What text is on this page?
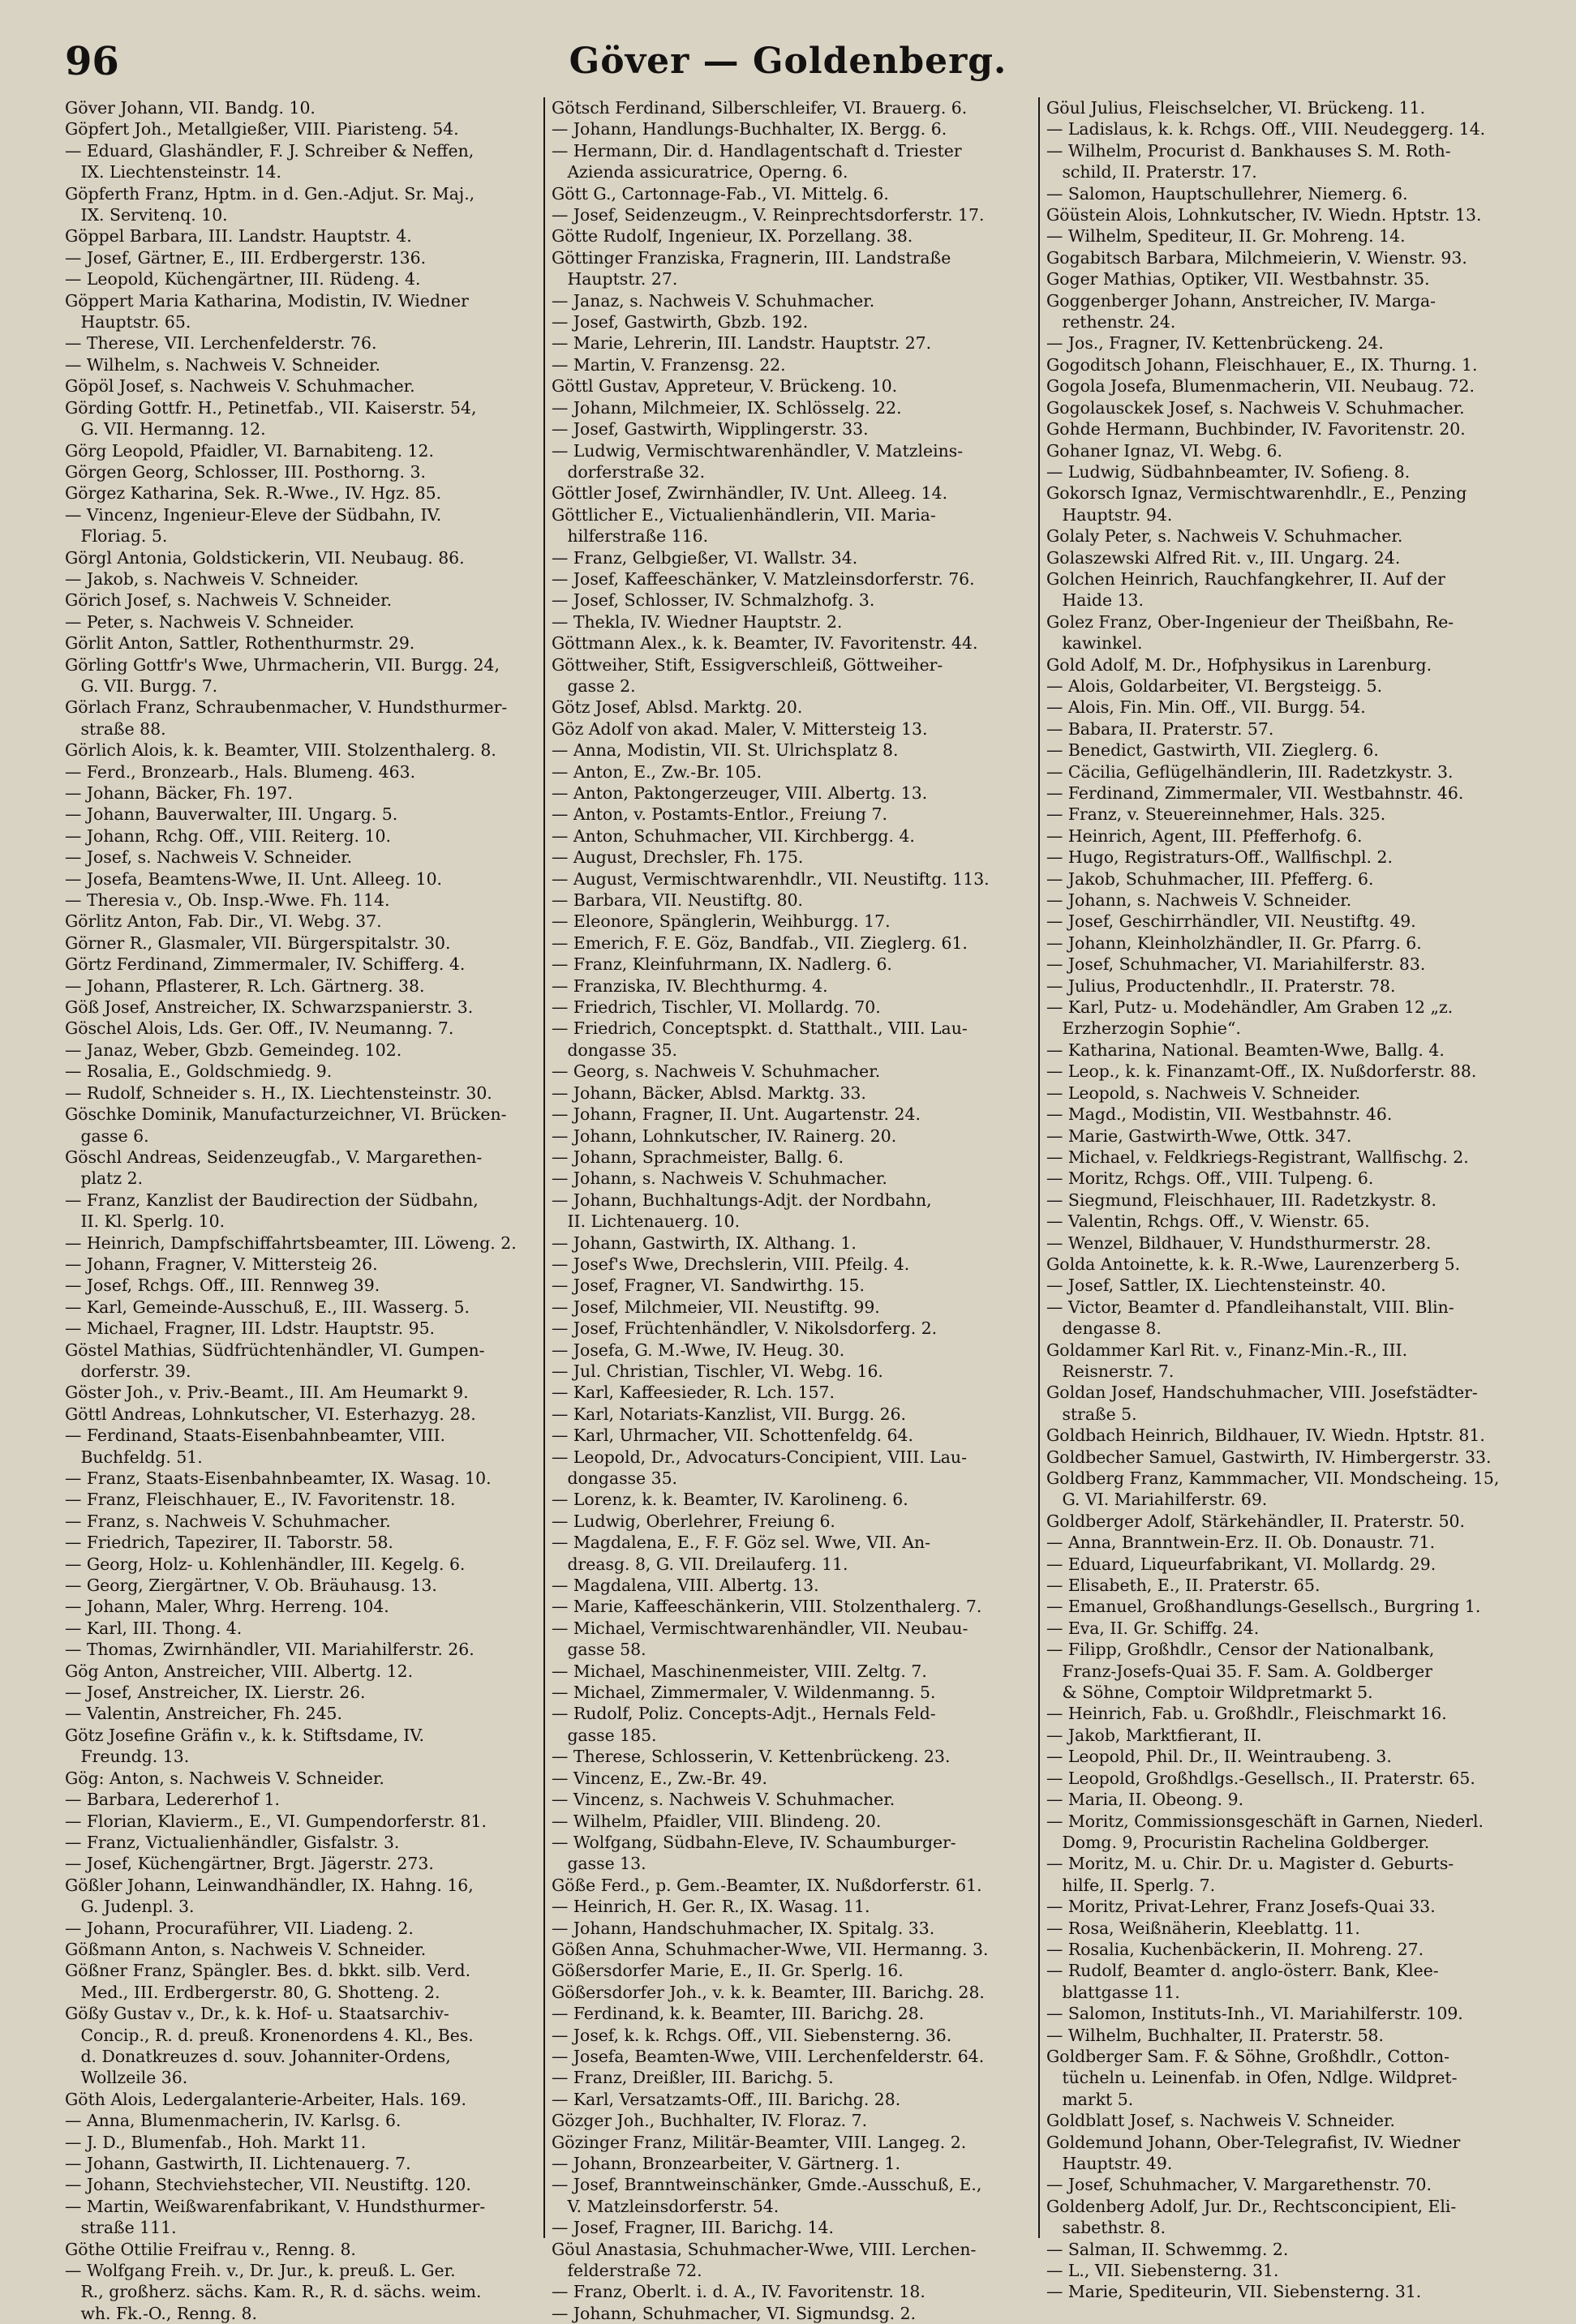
96	Göver — Goldenberg.
Göver Johann, VII. Bandg. 10.
Göpfert Joh., Metallgießer, VIII. Piaristeng. 54.
— Eduard, Glashändler, F. J. Schreiber & Neffen,
IX. Liechtensteinstr. 14.
Göpferth Franz, Hptm. in d. Gen.-Adjut. Sr. Maj.,
IX. Servitenq. 10.
Göppel Barbara, III. Landstr. Hauptstr. 4.
— Josef, Gärtner, E., III. Erdbergerstr. 136.
— Leopold, Küchengärtner, III. Rüdeng. 4.
Göppert Maria Katharina, Modistin, IV. Wiedner
Hauptstr. 65.
— Therese, VII. Lerchenfelderstr. 76.
— Wilhelm, s. Nachweis V. Schneider.
Göpöl Josef, s. Nachweis V. Schuhmacher.
Görding Gottfr. H., Petinetfab., VII. Kaiserstr. 54,
G. VII. Hermanng. 12.
Görg Leopold, Pfaidler, VI. Barnabiteng. 12.
Görgen Georg, Schlosser, III. Posthorng. 3.
Görgez Katharina, Sek. R.-Wwe., IV. Hgz. 85.
— Vincenz, Ingenieur-Eleve der Südbahn, IV.
Floriag. 5.
Görgl Antonia, Goldstickerin, VII. Neubaug. 86.
— Jakob, s. Nachweis V. Schneider.
Görich Josef, s. Nachweis V. Schneider.
— Peter, s. Nachweis V. Schneider.
Görlit Anton, Sattler, Rothenthurmstr. 29.
Görling Gottfr's Wwe, Uhrmacherin, VII. Burgg. 24,
G. VII. Burgg. 7.
Görlach Franz, Schraubenmacher, V. Hundsthurmer-
straße 88.
Görlich Alois, k. k. Beamter, VIII. Stolzenthalerg. 8.
— Ferd., Bronzearb., Hals. Blumeng. 463.
— Johann, Bäcker, Fh. 197.
— Johann, Bauverwalter, III. Ungarg. 5.
— Johann, Rchg. Off., VIII. Reiterg. 10.
— Josef, s. Nachweis V. Schneider.
— Josefa, Beamtens-Wwe, II. Unt. Alleeg. 10.
— Theresia v., Ob. Insp.-Wwe. Fh. 114.
Görlitz Anton, Fab. Dir., VI. Webg. 37.
Görner R., Glasmaler, VII. Bürgerspitalstr. 30.
Görtz Ferdinand, Zimmermaler, IV. Schifferg. 4.
— Johann, Pflasterer, R. Lch. Gärtnerg. 38.
Göß Josef, Anstreicher, IX. Schwarzspanierstr. 3.
Göschel Alois, Lds. Ger. Off., IV. Neumanng. 7.
— Janaz, Weber, Gbzb. Gemeindeg. 102.
— Rosalia, E., Goldschmiedg. 9.
— Rudolf, Schneider s. H., IX. Liechtensteinstr. 30.
Göschke Dominik, Manufacturzeichner, VI. Brücken-
gasse 6.
Göschl Andreas, Seidenzeugfab., V. Margarethen-
platz 2.
— Franz, Kanzlist der Baudirection der Südbahn,
II. Kl. Sperlg. 10.
— Heinrich, Dampfschiffahrtsbeamter, III. Löweng. 2.
— Johann, Fragner, V. Mittersteig 26.
— Josef, Rchgs. Off., III. Rennweg 39.
— Karl, Gemeinde-Ausschuß, E., III. Wasserg. 5.
— Michael, Fragner, III. Ldstr. Hauptstr. 95.
Göstel Mathias, Südfrüchtenhändler, VI. Gumpen-
dorferstr. 39.
Göster Joh., v. Priv.-Beamt., III. Am Heumarkt 9.
Göttl Andreas, Lohnkutscher, VI. Esterhazyg. 28.
— Ferdinand, Staats-Eisenbahnbeamter, VIII.
Buchfeldg. 51.
— Franz, Staats-Eisenbahnbeamter, IX. Wasag. 10.
— Franz, Fleischhauer, E., IV. Favoritenstr. 18.
— Franz, s. Nachweis V. Schuhmacher.
— Friedrich, Tapezirer, II. Taborstr. 58.
— Georg, Holz- u. Kohlenhändler, III. Kegelg. 6.
— Georg, Ziergärtner, V. Ob. Bräuhausg. 13.
— Johann, Maler, Whrg. Herreng. 104.
— Karl, III. Thong. 4.
— Thomas, Zwirnhändler, VII. Mariahilferstr. 26.
Gög Anton, Anstreicher, VIII. Albertg. 12.
— Josef, Anstreicher, IX. Lierstr. 26.
— Valentin, Anstreicher, Fh. 245.
Götz Josefine Gräfin v., k. k. Stiftsdame, IV.
Freundg. 13.
Gög: Anton, s. Nachweis V. Schneider.
— Barbara, Ledererhof 1.
— Florian, Klavierm., E., VI. Gumpendorferstr. 81.
— Franz, Victualienhändler, Gisfalstr. 3.
— Josef, Küchengärtner, Brgt. Jägerstr. 273.
Gößler Johann, Leinwandhändler, IX. Hahng. 16,
G. Judenpl. 3.
— Johann, Procuraführer, VII. Liadeng. 2.
Gößmann Anton, s. Nachweis V. Schneider.
Gößner Franz, Spängler. Bes. d. bkkt. silb. Verd.
Med., III. Erdbergerstr. 80, G. Shotteng. 2.
Gößy Gustav v., Dr., k. k. Hof- u. Staatsarchiv-
Concip., R. d. preuß. Kronenordens 4. Kl., Bes.
d. Donatkreuzes d. souv. Johanniter-Ordens,
Wollzeile 36.
Göth Alois, Ledergalanterie-Arbeiter, Hals. 169.
— Anna, Blumenmacherin, IV. Karlsg. 6.
— J. D., Blumenfab., Hoh. Markt 11.
— Johann, Gastwirth, II. Lichtenauerg. 7.
— Johann, Stechviehstecher, VII. Neustiftg. 120.
— Martin, Weißwarenfabrikant, V. Hundsthurmer-
straße 111.
Göthe Ottilie Freifrau v., Renng. 8.
— Wolfgang Freih. v., Dr. Jur., k. preuß. L. Ger.
R., großherz. sächs. Kam. R., R. d. sächs. weim.
wh. Fk.-O., Renng. 8.
Götsch Ferdinand, Silberschleifer, VI. Brauerg. 6.
— Johann, Handlungs-Buchhalter, IX. Bergg. 6.
— Hermann, Dir. d. Handlagentschaft d. Triester
Azienda assicuratrice, Operng. 6.
Gött G., Cartonnage-Fab., VI. Mittelg. 6.
— Josef, Seidenzeugm., V. Reinprechtsdorferstr. 17.
Götte Rudolf, Ingenieur, IX. Porzellang. 38.
Göttinger Franziska, Fragnerin, III. Landstraße
Hauptstr. 27.
— Janaz, s. Nachweis V. Schuhmacher.
— Josef, Gastwirth, Gbzb. 192.
— Marie, Lehrerin, III. Landstr. Hauptstr. 27.
— Martin, V. Franzensg. 22.
Göttl Gustav, Appreteur, V. Brückeng. 10.
— Johann, Milchmeier, IX. Schlösselg. 22.
— Josef, Gastwirth, Wipplingerstr. 33.
— Ludwig, Vermischtwarenhändler, V. Matzleins-
dorferstraße 32.
Göttler Josef, Zwirnhändler, IV. Unt. Alleeg. 14.
Göttlicher E., Victualienhändlerin, VII. Maria-
hilferstraße 116.
— Franz, Gelbgießer, VI. Wallstr. 34.
— Josef, Kaffeeschänker, V. Matzleinsdorferstr. 76.
— Josef, Schlosser, IV. Schmalzhofg. 3.
— Thekla, IV. Wiedner Hauptstr. 2.
Göttmann Alex., k. k. Beamter, IV. Favoritenstr. 44.
Göttweiher, Stift, Essigverschleiß, Göttweiher-
gasse 2.
Götz Josef, Ablsd. Marktg. 20.
Göz Adolf von akad. Maler, V. Mittersteig 13.
— Anna, Modistin, VII. St. Ulrichsplatz 8.
— Anton, E., Zw.-Br. 105.
— Anton, Paktongerzeuger, VIII. Albertg. 13.
— Anton, v. Postamts-Entlor., Freiung 7.
— Anton, Schuhmacher, VII. Kirchbergg. 4.
— August, Drechsler, Fh. 175.
— August, Vermischtwarenhdlr., VII. Neustiftg. 113.
— Barbara, VII. Neustiftg. 80.
— Eleonore, Spänglerin, Weihburgg. 17.
— Emerich, F. E. Göz, Bandfab., VII. Zieglerg. 61.
— Franz, Kleinfuhrmann, IX. Nadlerg. 6.
— Franziska, IV. Blechthurmg. 4.
— Friedrich, Tischler, VI. Mollardg. 70.
— Friedrich, Conceptspkt. d. Statthalt., VIII. Lau-
dongasse 35.
— Georg, s. Nachweis V. Schuhmacher.
— Johann, Bäcker, Ablsd. Marktg. 33.
— Johann, Fragner, II. Unt. Augartenstr. 24.
— Johann, Lohnkutscher, IV. Rainerg. 20.
— Johann, Sprachmeister, Ballg. 6.
— Johann, s. Nachweis V. Schuhmacher.
— Johann, Buchhaltungs-Adjt. der Nordbahn,
II. Lichtenauerg. 10.
— Johann, Gastwirth, IX. Althang. 1.
— Josef's Wwe, Drechslerin, VIII. Pfeilg. 4.
— Josef, Fragner, VI. Sandwirthg. 15.
— Josef, Milchmeier, VII. Neustiftg. 99.
— Josef, Früchtenhändler, V. Nikolsdorferg. 2.
— Josefa, G. M.-Wwe, IV. Heug. 30.
— Jul. Christian, Tischler, VI. Webg. 16.
— Karl, Kaffeesieder, R. Lch. 157.
— Karl, Notariats-Kanzlist, VII. Burgg. 26.
— Karl, Uhrmacher, VII. Schottenfeldg. 64.
— Leopold, Dr., Advocaturs-Concipient, VIII. Lau-
dongasse 35.
— Lorenz, k. k. Beamter, IV. Karolineng. 6.
— Ludwig, Oberlehrer, Freiung 6.
— Magdalena, E., F. F. Göz sel. Wwe, VII. An-
dreasg. 8, G. VII. Dreilauferg. 11.
— Magdalena, VIII. Albertg. 13.
— Marie, Kaffeeschänkerin, VIII. Stolzenthalerg. 7.
— Michael, Vermischtwarenhändler, VII. Neubau-
gasse 58.
— Michael, Maschinenmeister, VIII. Zeltg. 7.
— Michael, Zimmermaler, V. Wildenmanng. 5.
— Rudolf, Poliz. Concepts-Adjt., Hernals Feld-
gasse 185.
— Therese, Schlosserin, V. Kettenbrückeng. 23.
— Vincenz, E., Zw.-Br. 49.
— Vincenz, s. Nachweis V. Schuhmacher.
— Wilhelm, Pfaidler, VIII. Blindeng. 20.
— Wolfgang, Südbahn-Eleve, IV. Schaumburger-
gasse 13.
Göße Ferd., p. Gem.-Beamter, IX. Nußdorferstr. 61.
— Heinrich, H. Ger. R., IX. Wasag. 11.
— Johann, Handschuhmacher, IX. Spitalg. 33.
Gößen Anna, Schuhmacher-Wwe, VII. Hermanng. 3.
Gößersdorfer Marie, E., II. Gr. Sperlg. 16.
Gößersdorfer Joh., v. k. k. Beamter, III. Barichg. 28.
— Ferdinand, k. k. Beamter, III. Barichg. 28.
— Josef, k. k. Rchgs. Off., VII. Siebensterng. 36.
— Josefa, Beamten-Wwe, VIII. Lerchenfelderstr. 64.
— Franz, Dreißler, III. Barichg. 5.
— Karl, Versatzamts-Off., III. Barichg. 28.
Gözger Joh., Buchhalter, IV. Floraz. 7.
Gözinger Franz, Militär-Beamter, VIII. Langeg. 2.
— Johann, Bronzearbeiter, V. Gärtnerg. 1.
— Josef, Branntweinschänker, Gmde.-Ausschuß, E.,
V. Matzleinsdorferstr. 54.
— Josef, Fragner, III. Barichg. 14.
Göul Anastasia, Schuhmacher-Wwe, VIII. Lerchen-
felderstraße 72.
— Franz, Oberlt. i. d. A., IV. Favoritenstr. 18.
— Johann, Schuhmacher, VI. Sigmundsg. 2.
Göul Julius, Fleischselcher, VI. Brückeng. 11.
— Ladislaus, k. k. Rchgs. Off., VIII. Neudeggerg. 14.
— Wilhelm, Procurist d. Bankhauses S. M. Roth-
schild, II. Praterstr. 17.
— Salomon, Hauptschullehrer, Niemerg. 6.
Göüstein Alois, Lohnkutscher, IV. Wiedn. Hptstr. 13.
— Wilhelm, Spediteur, II. Gr. Mohreng. 14.
Gogabitsch Barbara, Milchmeierin, V. Wienstr. 93.
Goger Mathias, Optiker, VII. Westbahnstr. 35.
Goggenberger Johann, Anstreicher, IV. Marga-
rethenstr. 24.
— Jos., Fragner, IV. Kettenbrückeng. 24.
Gogoditsch Johann, Fleischhauer, E., IX. Thurng. 1.
Gogola Josefa, Blumenmacherin, VII. Neubaug. 72.
Gogolausckek Josef, s. Nachweis V. Schuhmacher.
Gohde Hermann, Buchbinder, IV. Favoritenstr. 20.
Gohaner Ignaz, VI. Webg. 6.
— Ludwig, Südbahnbeamter, IV. Sofieng. 8.
Gokorsch Ignaz, Vermischtwarenhdlr., E., Penzing
Hauptstr. 94.
Golaly Peter, s. Nachweis V. Schuhmacher.
Golaszewski Alfred Rit. v., III. Ungarg. 24.
Golchen Heinrich, Rauchfangkehrer, II. Auf der
Haide 13.
Golez Franz, Ober-Ingenieur der Theißbahn, Re-
kawinkel.
Gold Adolf, M. Dr., Hofphysikus in Larenburg.
— Alois, Goldarbeiter, VI. Bergsteigg. 5.
— Alois, Fin. Min. Off., VII. Burgg. 54.
— Babara, II. Praterstr. 57.
— Benedict, Gastwirth, VII. Zieglerg. 6.
— Cäcilia, Geflügelhändlerin, III. Radetzkystr. 3.
— Ferdinand, Zimmermaler, VII. Westbahnstr. 46.
— Franz, v. Steuereinnehmer, Hals. 325.
— Heinrich, Agent, III. Pfefferhofg. 6.
— Hugo, Registraturs-Off., Wallfischpl. 2.
— Jakob, Schuhmacher, III. Pfefferg. 6.
— Johann, s. Nachweis V. Schneider.
— Josef, Geschirrhändler, VII. Neustiftg. 49.
— Johann, Kleinholzhändler, II. Gr. Pfarrg. 6.
— Josef, Schuhmacher, VI. Mariahilferstr. 83.
— Julius, Productenhdlr., II. Praterstr. 78.
— Karl, Putz- u. Modehändler, Am Graben 12 „z.
Erzherzogin Sophie“.
— Katharina, National. Beamten-Wwe, Ballg. 4.
— Leop., k. k. Finanzamt-Off., IX. Nußdorferstr. 88.
— Leopold, s. Nachweis V. Schneider.
— Magd., Modistin, VII. Westbahnstr. 46.
— Marie, Gastwirth-Wwe, Ottk. 347.
— Michael, v. Feldkriegs-Registrant, Wallfischg. 2.
— Moritz, Rchgs. Off., VIII. Tulpeng. 6.
— Siegmund, Fleischhauer, III. Radetzkystr. 8.
— Valentin, Rchgs. Off., V. Wienstr. 65.
— Wenzel, Bildhauer, V. Hundsthurmerstr. 28.
Golda Antoinette, k. k. R.-Wwe, Laurenzerberg 5.
— Josef, Sattler, IX. Liechtensteinstr. 40.
— Victor, Beamter d. Pfandleihanstalt, VIII. Blin-
dengasse 8.
Goldammer Karl Rit. v., Finanz-Min.-R., III.
Reisnerstr. 7.
Goldan Josef, Handschuhmacher, VIII. Josefstädter-
straße 5.
Goldbach Heinrich, Bildhauer, IV. Wiedn. Hptstr. 81.
Goldbecher Samuel, Gastwirth, IV. Himbergerstr. 33.
Goldberg Franz, Kammmacher, VII. Mondscheing. 15,
G. VI. Mariahilferstr. 69.
Goldberger Adolf, Stärkehändler, II. Praterstr. 50.
— Anna, Branntwein-Erz. II. Ob. Donaustr. 71.
— Eduard, Liqueurfabrikant, VI. Mollardg. 29.
— Elisabeth, E., II. Praterstr. 65.
— Emanuel, Großhandlungs-Gesellsch., Burgring 1.
— Eva, II. Gr. Schiffg. 24.
— Filipp, Großhdlr., Censor der Nationalbank,
Franz-Josefs-Quai 35. F. Sam. A. Goldberger
& Söhne, Comptoir Wildpretmarkt 5.
— Heinrich, Fab. u. Großhdlr., Fleischmarkt 16.
— Jakob, Marktfierant, II.
— Leopold, Phil. Dr., II. Weintraubeng. 3.
— Leopold, Großhdlgs.-Gesellsch., II. Praterstr. 65.
— Maria, II. Obeong. 9.
— Moritz, Commissionsgeschäft in Garnen, Niederl.
Domg. 9, Procuristin Rachelina Goldberger.
— Moritz, M. u. Chir. Dr. u. Magister d. Geburts-
hilfe, II. Sperlg. 7.
— Moritz, Privat-Lehrer, Franz Josefs-Quai 33.
— Rosa, Weißnäherin, Kleeblattg. 11.
— Rosalia, Kuchenbäckerin, II. Mohreng. 27.
— Rudolf, Beamter d. anglo-österr. Bank, Klee-
blattgasse 11.
— Salomon, Instituts-Inh., VI. Mariahilferstr. 109.
— Wilhelm, Buchhalter, II. Praterstr. 58.
Goldberger Sam. F. & Söhne, Großhdlr., Cotton-
tücheln u. Leinenfab. in Ofen, Ndlge. Wildpret-
markt 5.
Goldblatt Josef, s. Nachweis V. Schneider.
Goldemund Johann, Ober-Telegrafist, IV. Wiedner
Hauptstr. 49.
— Josef, Schuhmacher, V. Margarethenstr. 70.
Goldenberg Adolf, Jur. Dr., Rechtsconcipient, Eli-
sabethstr. 8.
— Salman, II. Schwemmg. 2.
— L., VII. Siebensterng. 31.
— Marie, Spediteurin, VII. Siebensterng. 31.
